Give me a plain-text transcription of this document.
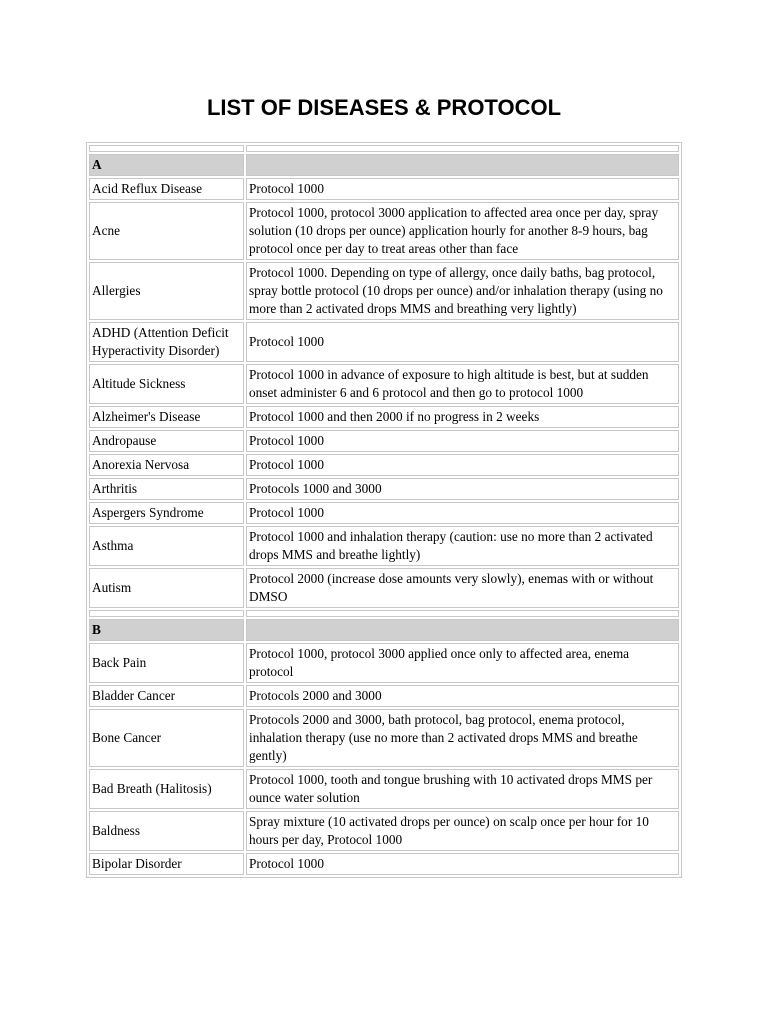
LIST OF DISEASES & PROTOCOL

A	
Acid Reflux Disease	Protocol 1000
Acne	Protocol 1000, protocol 3000 application to affected area once per day, spray solution (10 drops per ounce) application hourly for another 8-9 hours, bag protocol once per day to treat areas other than face
Allergies	Protocol 1000. Depending on type of allergy, once daily baths, bag protocol, spray bottle protocol (10 drops per ounce) and/or inhalation therapy (using no more than 2 activated drops MMS and breathing very lightly)
ADHD (Attention Deficit Hyperactivity Disorder)	Protocol 1000
Altitude Sickness	Protocol 1000 in advance of exposure to high altitude is best, but at sudden onset administer 6 and 6 protocol and then go to protocol 1000
Alzheimer's Disease	Protocol 1000 and then 2000 if no progress in 2 weeks
Andropause	Protocol 1000
Anorexia Nervosa	Protocol 1000
Arthritis	Protocols 1000 and 3000
Aspergers Syndrome	Protocol 1000
Asthma	Protocol 1000 and inhalation therapy (caution: use no more than 2 activated drops MMS and breathe lightly)
Autism	Protocol 2000 (increase dose amounts very slowly), enemas with or without DMSO

B	
Back Pain	Protocol 1000, protocol 3000 applied once only to affected area, enema protocol
Bladder Cancer	Protocols 2000 and 3000
Bone Cancer	Protocols 2000 and 3000, bath protocol, bag protocol, enema protocol, inhalation therapy (use no more than 2 activated drops MMS and breathe gently)
Bad Breath (Halitosis)	Protocol 1000, tooth and tongue brushing with 10 activated drops MMS per ounce water solution
Baldness	Spray mixture (10 activated drops per ounce) on scalp once per hour for 10 hours per day, Protocol 1000
Bipolar Disorder	Protocol 1000
